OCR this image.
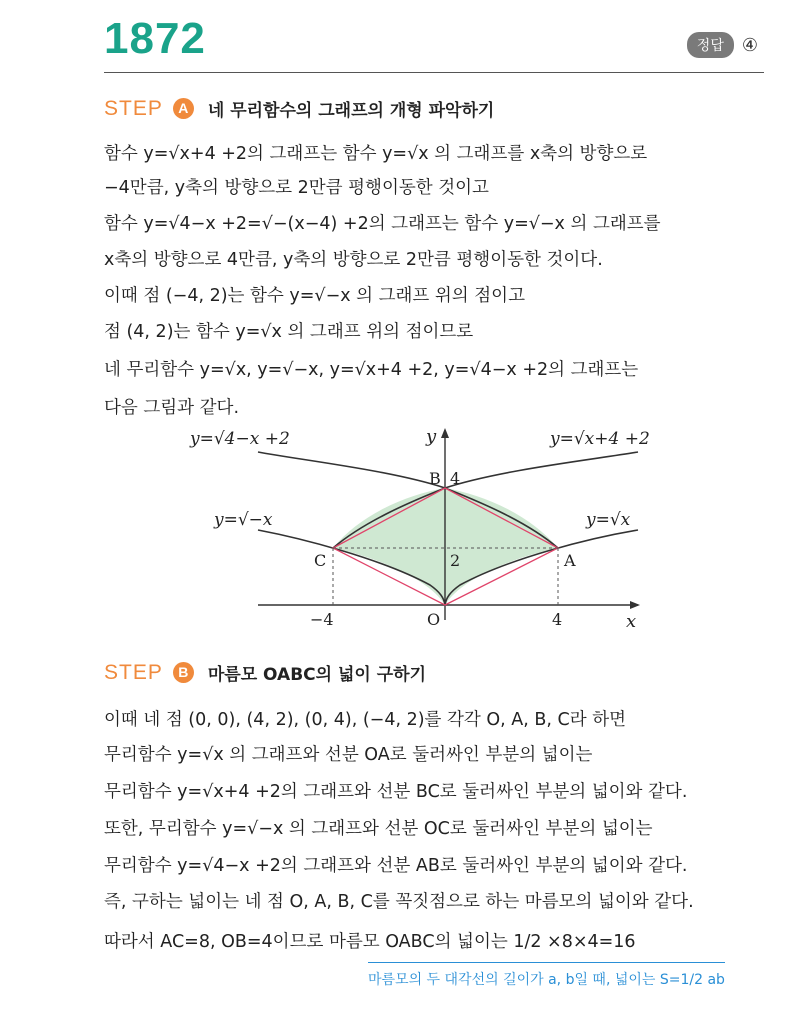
1872	정답	④
STEP	A	네 무리함수의 그래프의 개형 파악하기
함수 y=√x+4 +2의 그래프는 함수 y=√x 의 그래프를 x축의 방향으로
−4만큼, y축의 방향으로 2만큼 평행이동한 것이고
함수 y=√4−x +2=√−(x−4) +2의 그래프는 함수 y=√−x 의 그래프를
x축의 방향으로 4만큼, y축의 방향으로 2만큼 평행이동한 것이다.
이때 점 (−4, 2)는 함수 y=√−x 의 그래프 위의 점이고
점 (4, 2)는 함수 y=√x 의 그래프 위의 점이므로
네 무리함수 y=√x, y=√−x, y=√x+4 +2, y=√4−x +2의 그래프는
다음 그림과 같다.
y=√4−x +2	y=√x+4 +2
y=√−x	y=√x
y
x
B 4
C	2	A
O
−4	4
STEP	B	마름모 OABC의 넓이 구하기
이때 네 점 (0, 0), (4, 2), (0, 4), (−4, 2)를 각각 O, A, B, C라 하면
무리함수 y=√x 의 그래프와 선분 OA로 둘러싸인 부분의 넓이는
무리함수 y=√x+4 +2의 그래프와 선분 BC로 둘러싸인 부분의 넓이와 같다.
또한, 무리함수 y=√−x 의 그래프와 선분 OC로 둘러싸인 부분의 넓이는
무리함수 y=√4−x +2의 그래프와 선분 AB로 둘러싸인 부분의 넓이와 같다.
즉, 구하는 넓이는 네 점 O, A, B, C를 꼭짓점으로 하는 마름모의 넓이와 같다.
따라서 AC=8, OB=4이므로 마름모 OABC의 넓이는 1/2 ×8×4=16
마름모의 두 대각선의 길이가 a, b일 때, 넓이는 S=1/2 ab
